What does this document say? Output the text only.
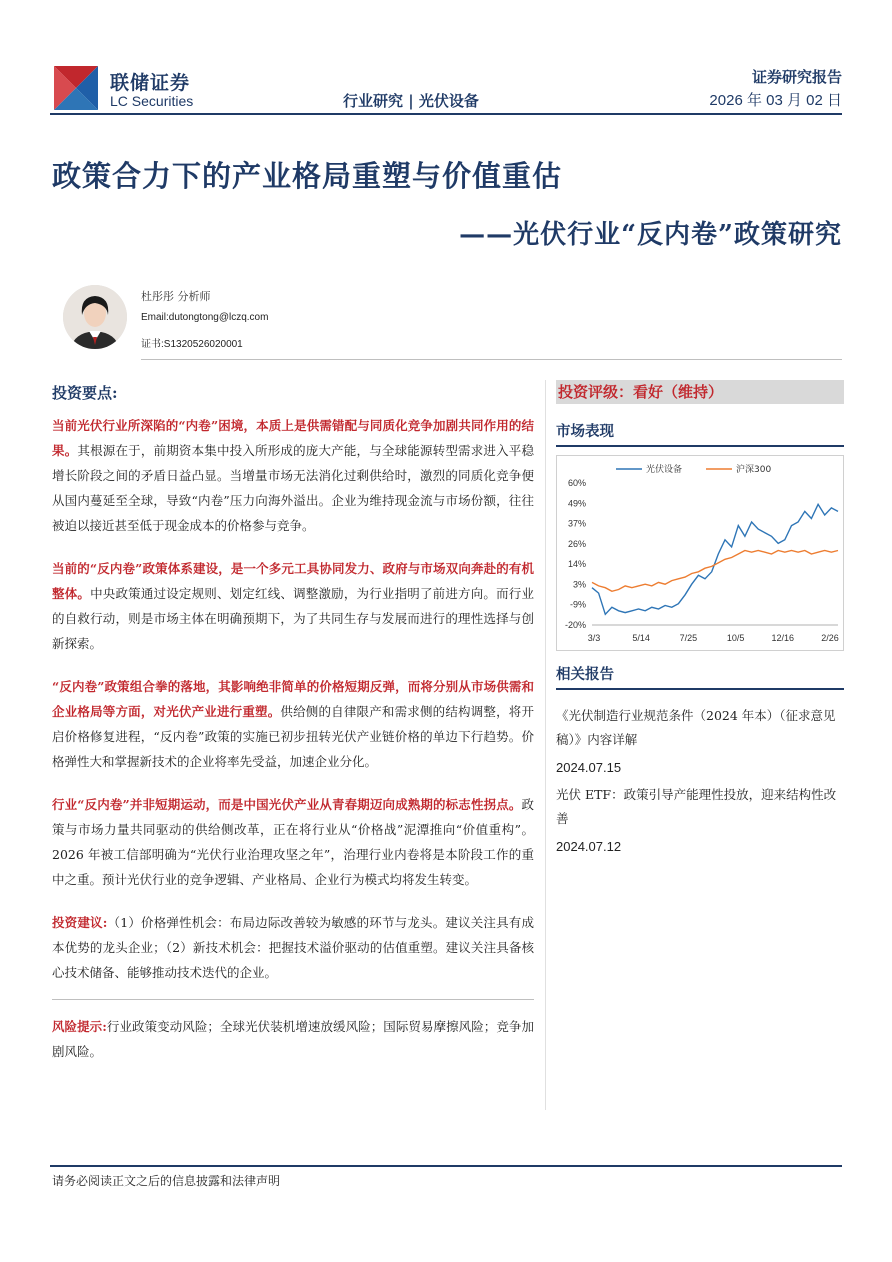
联储证券
LC Securities	行业研究 | 光伏设备
证券研究报告
2026 年 03 月 02 日
政策合力下的产业格局重塑与价值重估
——光伏行业“反内卷”政策研究
杜彤彤 分析师
Email:dutongtong@lczq.com
证书:S1320526020001
投资要点:

当前光伏行业所深陷的“内卷”困境，本质上是供需错配与同质化竞争加剧共同作用的结果。其根源在于，前期资本集中投入所形成的庞大产能，与全球能源转型需求进入平稳增长阶段之间的矛盾日益凸显。当增量市场无法消化过剩供给时，激烈的同质化竞争便从国内蔓延至全球，导致“内卷”压力向海外溢出。企业为维持现金流与市场份额，往往被迫以接近甚至低于现金成本的价格参与竞争。

当前的“反内卷”政策体系建设，是一个多元工具协同发力、政府与市场双向奔赴的有机整体。中央政策通过设定规则、划定红线、调整激励，为行业指明了前进方向。而行业的自救行动，则是市场主体在明确预期下，为了共同生存与发展而进行的理性选择与创新探索。

“反内卷”政策组合拳的落地，其影响绝非简单的价格短期反弹，而将分别从市场供需和企业格局等方面，对光伏产业进行重塑。供给侧的自律限产和需求侧的结构调整，将开启价格修复进程，“反内卷”政策的实施已初步扭转光伏产业链价格的单边下行趋势。价格弹性大和掌握新技术的企业将率先受益，加速企业分化。

行业“反内卷”并非短期运动，而是中国光伏产业从青春期迈向成熟期的标志性拐点。政策与市场力量共同驱动的供给侧改革，正在将行业从“价格战”泥潭推向“价值重构”。2026 年被工信部明确为“光伏行业治理攻坚之年”，治理行业内卷将是本阶段工作的重中之重。预计光伏行业的竞争逻辑、产业格局、企业行为模式均将发生转变。

投资建议:（1）价格弹性机会：布局边际改善较为敏感的环节与龙头。建议关注具有成本优势的龙头企业；（2）新技术机会：把握技术溢价驱动的估值重塑。建议关注具备核心技术储备、能够推动技术迭代的企业。

风险提示:行业政策变动风险；全球光伏装机增速放缓风险；国际贸易摩擦风险；竞争加剧风险。

投资评级：看好（维持）
市场表现
60%
49%
37%
26%
14%
3%
-9%
-20%
3/3	5/14	7/25	10/5	12/16	2/26
光伏设备	沪深300
相关报告
《光伏制造行业规范条件（2024 年本）（征求意见稿）》内容详解
2024.07.15
光伏 ETF：政策引导产能理性投放，迎来结构性改善
2024.07.12
请务必阅读正文之后的信息披露和法律声明
